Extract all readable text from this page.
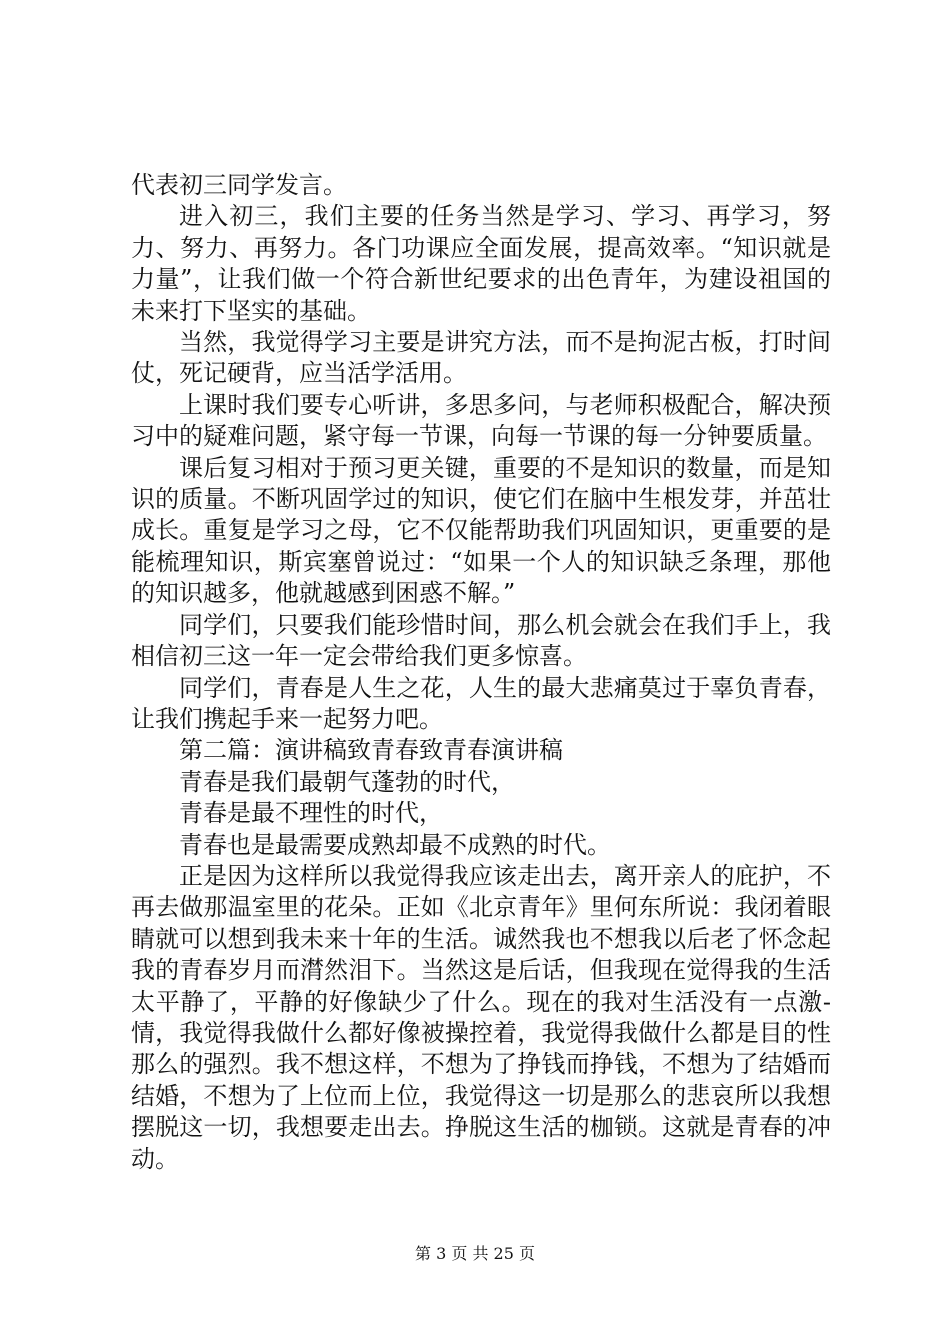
代表初三同学发言。

进入初三，我们主要的任务当然是学习、学习、再学习，努力、努力、再努力。各门功课应全面发展，提高效率。“知识就是力量”，让我们做一个符合新世纪要求的出色青年，为建设祖国的未来打下坚实的基础。

当然，我觉得学习主要是讲究方法，而不是拘泥古板，打时间仗，死记硬背，应当活学活用。

上课时我们要专心听讲，多思多问，与老师积极配合，解决预习中的疑难问题，紧守每一节课，向每一节课的每一分钟要质量。

课后复习相对于预习更关键，重要的不是知识的数量，而是知识的质量。不断巩固学过的知识，使它们在脑中生根发芽，并茁壮成长。重复是学习之母，它不仅能帮助我们巩固知识，更重要的是能梳理知识，斯宾塞曾说过：“如果一个人的知识缺乏条理，那他的知识越多，他就越感到困惑不解。”

同学们，只要我们能珍惜时间，那么机会就会在我们手上，我相信初三这一年一定会带给我们更多惊喜。

同学们，青春是人生之花，人生的最大悲痛莫过于辜负青春，让我们携起手来一起努力吧。

第二篇：演讲稿致青春致青春演讲稿

青春是我们最朝气蓬勃的时代，

青春是最不理性的时代，

青春也是最需要成熟却最不成熟的时代。

正是因为这样所以我觉得我应该走出去，离开亲人的庇护，不再去做那温室里的花朵。正如《北京青年》里何东所说：我闭着眼睛就可以想到我未来十年的生活。诚然我也不想我以后老了怀念起我的青春岁月而潸然泪下。当然这是后话，但我现在觉得我的生活太平静了，平静的好像缺少了什么。现在的我对生活没有一点激-情，我觉得我做什么都好像被操控着，我觉得我做什么都是目的性那么的强烈。我不想这样，不想为了挣钱而挣钱，不想为了结婚而结婚，不想为了上位而上位，我觉得这一切是那么的悲哀所以我想摆脱这一切，我想要走出去。挣脱这生活的枷锁。这就是青春的冲动。

第 3 页 共 25 页
